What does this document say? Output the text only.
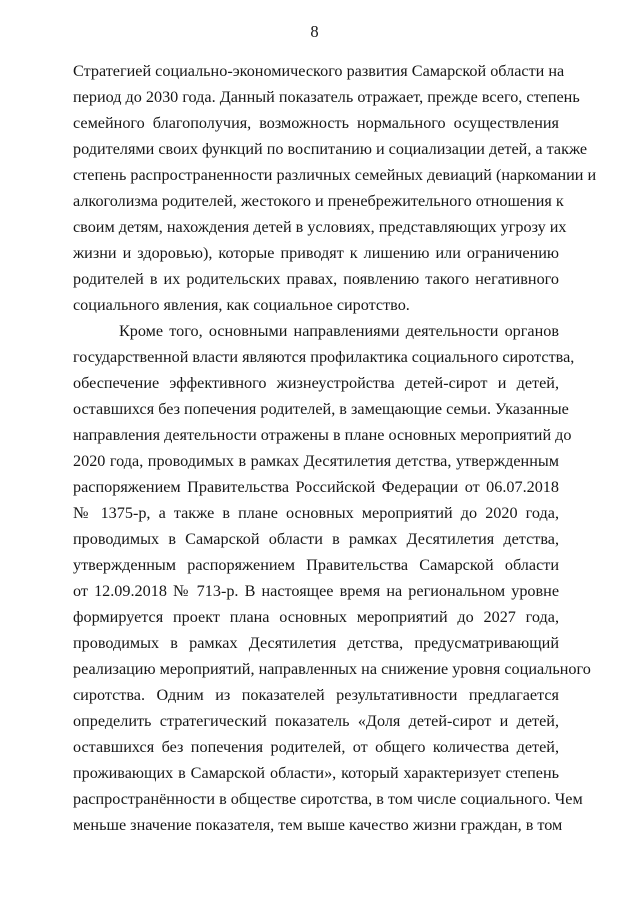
8
Стратегией социально-экономического развития Самарской области на
период до 2030 года. Данный показатель отражает, прежде всего, степень
семейного благополучия, возможность нормального осуществления
родителями своих функций по воспитанию и социализации детей, а также
степень распространенности различных семейных девиаций (наркомании и
алкоголизма родителей, жестокого и пренебрежительного отношения к
своим детям, нахождения детей в условиях, представляющих угрозу их
жизни и здоровью), которые приводят к лишению или ограничению
родителей в их родительских правах, появлению такого негативного
социального явления, как социальное сиротство.
Кроме того, основными направлениями деятельности органов
государственной власти являются профилактика социального сиротства,
обеспечение эффективного жизнеустройства детей-сирот и детей,
оставшихся без попечения родителей, в замещающие семьи. Указанные
направления деятельности отражены в плане основных мероприятий до
2020 года, проводимых в рамках Десятилетия детства, утвержденным
распоряжением Правительства Российской Федерации от 06.07.2018
№ 1375-р, а также в плане основных мероприятий до 2020 года,
проводимых в Самарской области в рамках Десятилетия детства,
утвержденным распоряжением Правительства Самарской области
от 12.09.2018 № 713-р. В настоящее время на региональном уровне
формируется проект плана основных мероприятий до 2027 года,
проводимых в рамках Десятилетия детства, предусматривающий
реализацию мероприятий, направленных на снижение уровня социального
сиротства. Одним из показателей результативности предлагается
определить стратегический показатель «Доля детей-сирот и детей,
оставшихся без попечения родителей, от общего количества детей,
проживающих в Самарской области», который характеризует степень
распространённости в обществе сиротства, в том числе социального. Чем
меньше значение показателя, тем выше качество жизни граждан, в том
